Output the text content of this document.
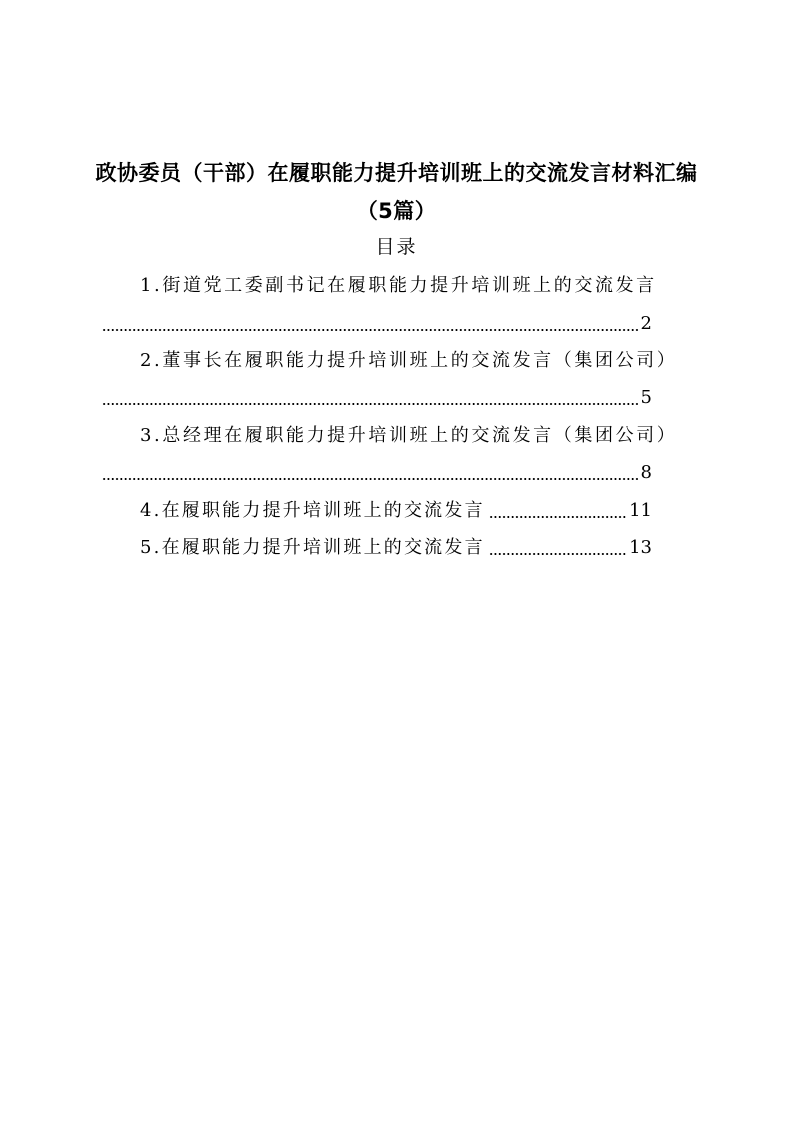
政协委员（干部）在履职能力提升培训班上的交流发言材料汇编
（5篇）
目录
1.街道党工委副书记在履职能力提升培训班上的交流发言
2
2.董事长在履职能力提升培训班上的交流发言（集团公司）
5
3.总经理在履职能力提升培训班上的交流发言（集团公司）
8
4.在履职能力提升培训班上的交流发言	11
5.在履职能力提升培训班上的交流发言	13
